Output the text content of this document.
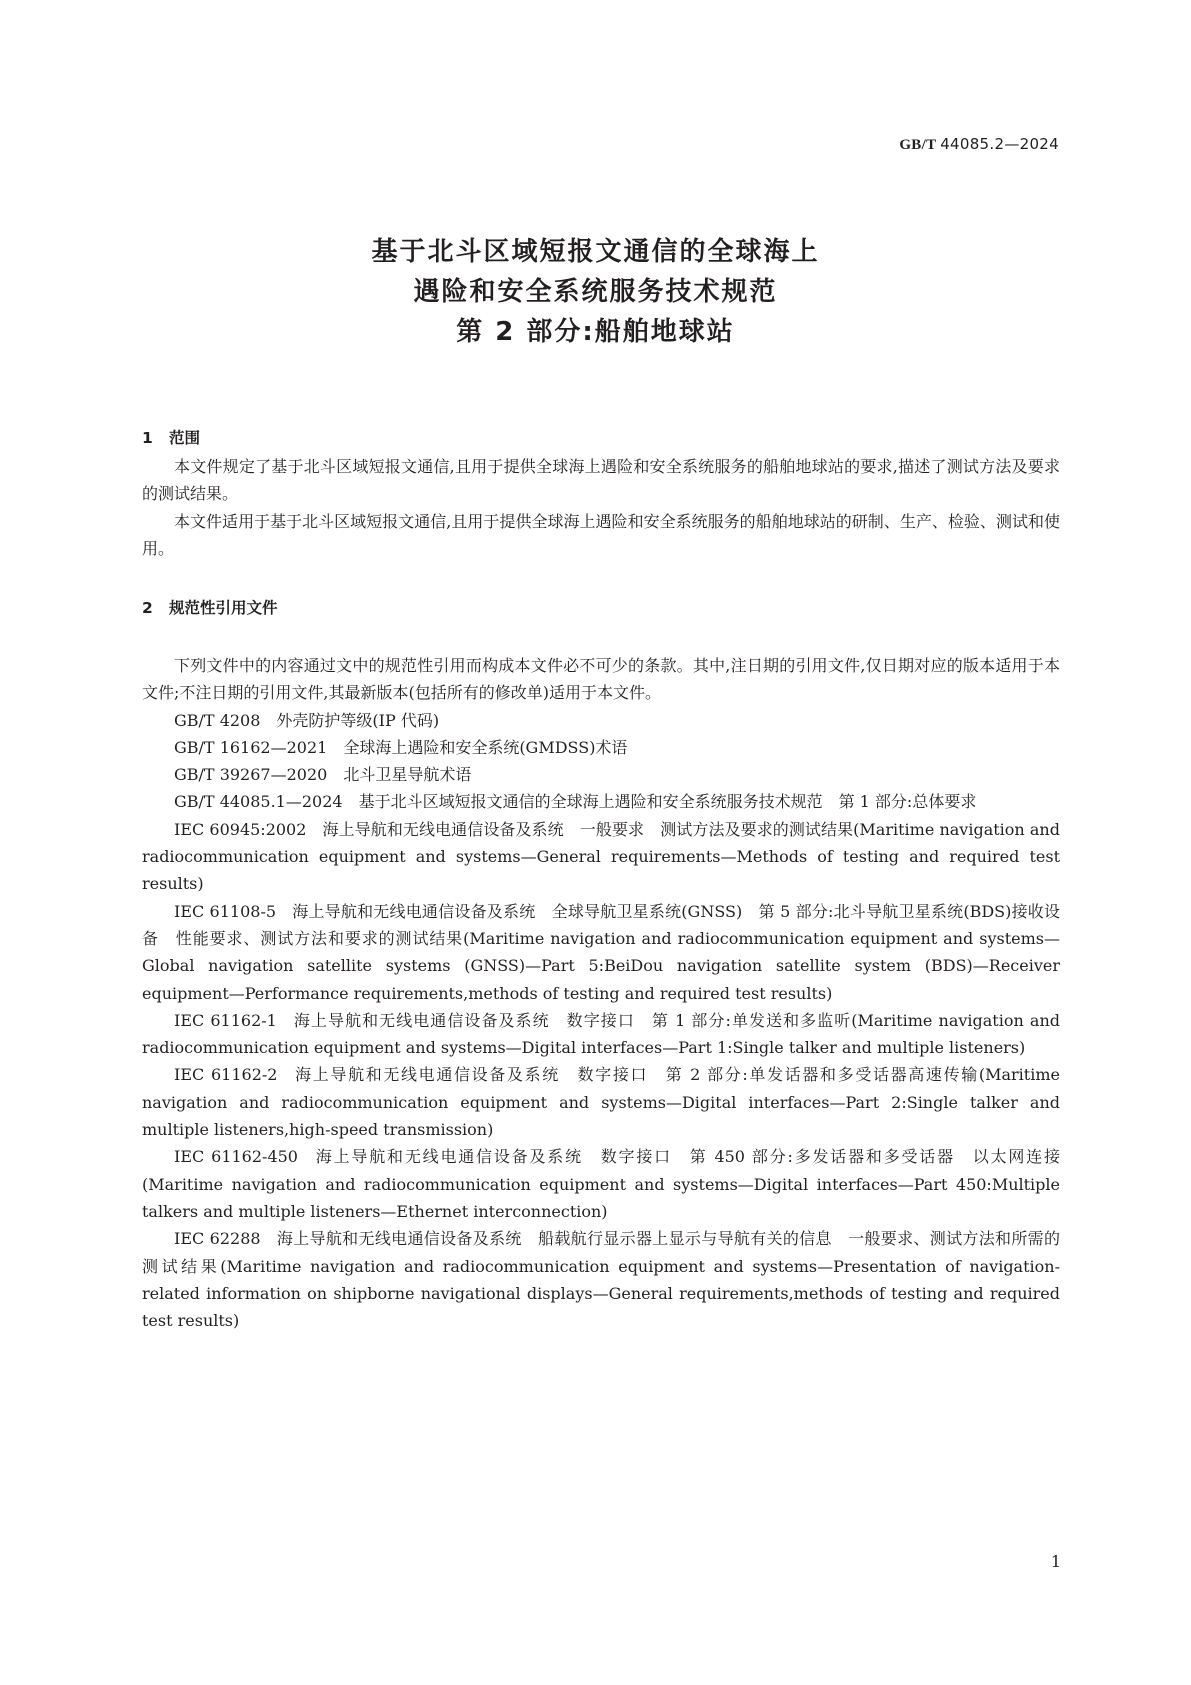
GB/T 44085.2—2024
基于北斗区域短报文通信的全球海上
遇险和安全系统服务技术规范
第 2 部分:船舶地球站
1 范围

本文件规定了基于北斗区域短报文通信,且用于提供全球海上遇险和安全系统服务的船舶地球站的要求,描述了测试方法及要求的测试结果。

本文件适用于基于北斗区域短报文通信,且用于提供全球海上遇险和安全系统服务的船舶地球站的研制、生产、检验、测试和使用。

2 规范性引用文件

下列文件中的内容通过文中的规范性引用而构成本文件必不可少的条款。其中,注日期的引用文件,仅日期对应的版本适用于本文件;不注日期的引用文件,其最新版本(包括所有的修改单)适用于本文件。

GB/T 4208 外壳防护等级(IP 代码)

GB/T 16162—2021 全球海上遇险和安全系统(GMDSS)术语

GB/T 39267—2020 北斗卫星导航术语

GB/T 44085.1—2024 基于北斗区域短报文通信的全球海上遇险和安全系统服务技术规范　第 1 部分:总体要求

IEC 60945:2002 海上导航和无线电通信设备及系统　一般要求　测试方法及要求的测试结果(Maritime navigation and radiocommunication equipment and systems—General requirements—Methods of testing and required test results)

IEC 61108-5 海上导航和无线电通信设备及系统　全球导航卫星系统(GNSS)　第 5 部分:北斗导航卫星系统(BDS)接收设备　性能要求、测试方法和要求的测试结果(Maritime navigation and radiocommunication equipment and systems—Global navigation satellite systems (GNSS)—Part 5:BeiDou navigation satellite system (BDS)—Receiver equipment—Performance requirements,methods of testing and required test results)

IEC 61162-1 海上导航和无线电通信设备及系统　数字接口　第 1 部分:单发送和多监听(Maritime navigation and radiocommunication equipment and systems—Digital interfaces—Part 1:Single talker and multiple listeners)

IEC 61162-2 海上导航和无线电通信设备及系统　数字接口　第 2 部分:单发话器和多受话器高速传输(Maritime navigation and radiocommunication equipment and systems—Digital interfaces—Part 2:Single talker and multiple listeners,high-speed transmission)

IEC 61162-450 海上导航和无线电通信设备及系统　数字接口　第 450 部分:多发话器和多受话器　以太网连接(Maritime navigation and radiocommunication equipment and systems—Digital interfaces—Part 450:Multiple talkers and multiple listeners—Ethernet interconnection)

IEC 62288 海上导航和无线电通信设备及系统　船载航行显示器上显示与导航有关的信息　一般要求、测试方法和所需的测试结果(Maritime navigation and radiocommunication equipment and systems—Presentation of navigation-related information on shipborne navigational displays—General requirements,methods of testing and required test results)

1
